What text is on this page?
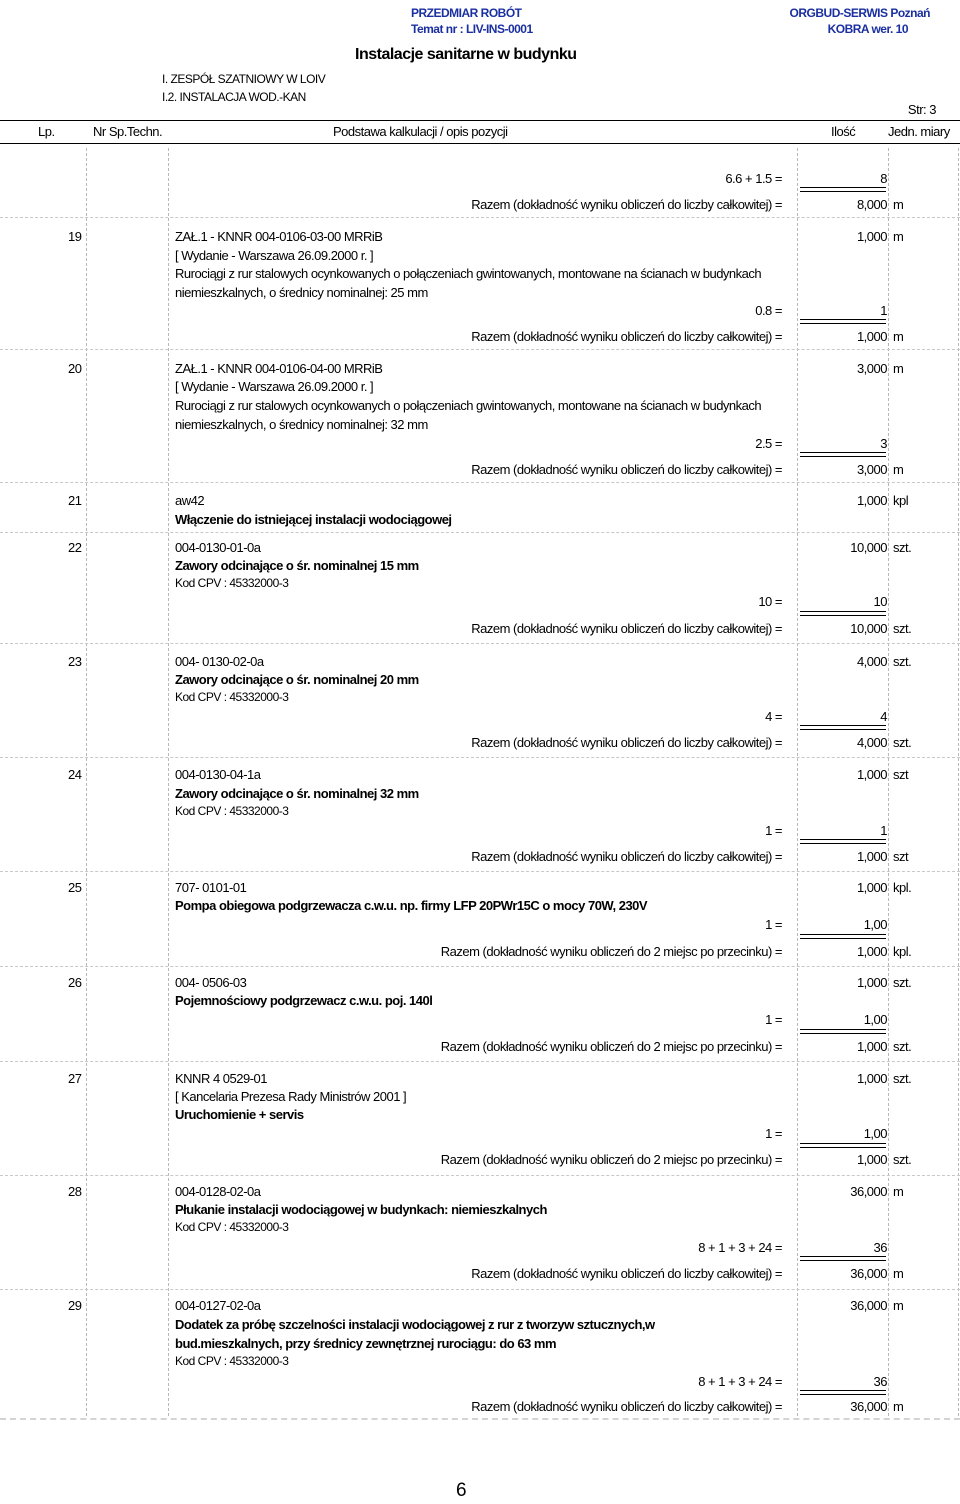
PRZEDMIAR ROBÓT
Temat nr : LIV-INS-0001
ORGBUD-SERWIS Poznań
KOBRA wer. 10
Instalacje sanitarne w budynku
I. ZESPÓŁ SZATNIOWY W LOIV
I.2. INSTALACJA WOD.-KAN
Str: 3
Lp.	Nr Sp.Techn.	Podstawa kalkulacji / opis pozycji	Ilość	Jedn. miary
6.6 + 1.5 =	8
Razem (dokładność wyniku obliczeń do liczby całkowitej) =	8,000 m
19	ZAŁ.1 - KNNR 004-0106-03-00 MRRiB	1,000 m
[ Wydanie - Warszawa 26.09.2000 r. ]
Rurociągi z rur stalowych ocynkowanych o połączeniach gwintowanych, montowane na ścianach w budynkach niemieszkalnych, o średnicy nominalnej: 25 mm
0.8 =	1
Razem (dokładność wyniku obliczeń do liczby całkowitej) =	1,000 m
20	ZAŁ.1 - KNNR 004-0106-04-00 MRRiB	3,000 m
[ Wydanie - Warszawa 26.09.2000 r. ]
Rurociągi z rur stalowych ocynkowanych o połączeniach gwintowanych, montowane na ścianach w budynkach niemieszkalnych, o średnicy nominalnej: 32 mm
2.5 =	3
Razem (dokładność wyniku obliczeń do liczby całkowitej) =	3,000 m
21	aw42	1,000 kpl
Włączenie do istniejącej instalacji wodociągowej
22	004-0130-01-0a	10,000 szt.
Zawory odcinające o śr. nominalnej 15 mm
Kod CPV : 45332000-3
10 =	10
Razem (dokładność wyniku obliczeń do liczby całkowitej) =	10,000 szt.
23	004- 0130-02-0a	4,000 szt.
Zawory odcinające o śr. nominalnej 20 mm
Kod CPV : 45332000-3
4 =	4
Razem (dokładność wyniku obliczeń do liczby całkowitej) =	4,000 szt.
24	004-0130-04-1a	1,000 szt
Zawory odcinające o śr. nominalnej 32 mm
Kod CPV : 45332000-3
1 =	1
Razem (dokładność wyniku obliczeń do liczby całkowitej) =	1,000 szt
25	707- 0101-01	1,000 kpl.
Pompa obiegowa podgrzewacza c.w.u. np. firmy LFP 20PWr15C o mocy 70W, 230V
1 =	1,00
Razem (dokładność wyniku obliczeń do 2 miejsc po przecinku) =	1,000 kpl.
26	004- 0506-03	1,000 szt.
Pojemnościowy podgrzewacz c.w.u. poj. 140l
1 =	1,00
Razem (dokładność wyniku obliczeń do 2 miejsc po przecinku) =	1,000 szt.
27	KNNR 4 0529-01	1,000 szt.
[ Kancelaria Prezesa Rady Ministrów 2001 ]
Uruchomienie + servis
1 =	1,00
Razem (dokładność wyniku obliczeń do 2 miejsc po przecinku) =	1,000 szt.
28	004-0128-02-0a	36,000 m
Płukanie instalacji wodociągowej w budynkach: niemieszkalnych
Kod CPV : 45332000-3
8 + 1 + 3 + 24 =	36
Razem (dokładność wyniku obliczeń do liczby całkowitej) =	36,000 m
29	004-0127-02-0a	36,000 m
Dodatek za próbę szczelności instalacji wodociągowej z rur z tworzyw sztucznych,w bud.mieszkalnych, przy średnicy zewnętrznej rurociągu: do 63 mm
Kod CPV : 45332000-3
8 + 1 + 3 + 24 =	36
Razem (dokładność wyniku obliczeń do liczby całkowitej) =	36,000 m
6
